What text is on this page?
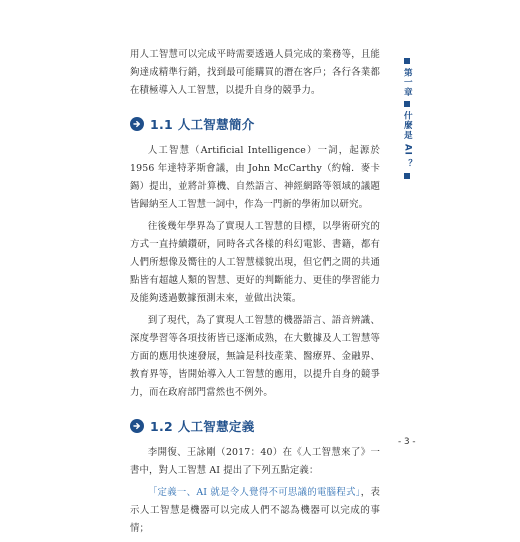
用人工智慧可以完成平時需要透過人員完成的業務等，且能夠達成精準行銷，找到最可能購買的潛在客戶；各行各業都在積極導入人工智慧，以提升自身的競爭力。

1.1 人工智慧簡介

人工智慧（Artificial Intelligence）一詞，起源於 1956 年達特茅斯會議，由 John McCarthy（約翰．麥卡錫）提出，並將計算機、自然語言、神經網路等領域的議題皆歸納至人工智慧一詞中，作為一門新的學術加以研究。

往後幾年學界為了實現人工智慧的目標，以學術研究的方式一直持續鑽研，同時各式各樣的科幻電影、書籍，都有人們所想像及嚮往的人工智慧樣貌出現，但它們之間的共通點皆有超越人類的智慧、更好的判斷能力、更佳的學習能力及能夠透過數據預測未來，並做出決策。

到了現代，為了實現人工智慧的機器語言、語音辨識、深度學習等各項技術皆已逐漸成熟，在大數據及人工智慧等方面的應用快速發展，無論是科技產業、醫療界、金融界、教育界等，皆開始導入人工智慧的應用，以提升自身的競爭力，而在政府部門當然也不例外。

1.2 人工智慧定義

李開復、王詠剛（2017：40）在《人工智慧來了》一書中，對人工智慧 AI 提出了下列五點定義：

「定義一、AI 就是令人覺得不可思議的電腦程式」，表示人工智慧是機器可以完成人們不認為機器可以完成的事情；

第一章
什麼是
AI
？
- 3 -
